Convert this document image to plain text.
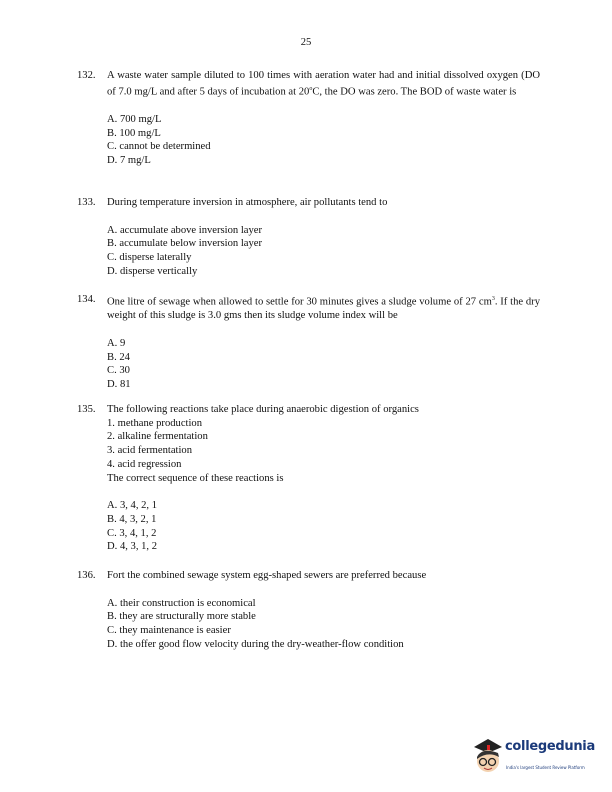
25
132. A waste water sample diluted to 100 times with aeration water had and initial dissolved oxygen (DO of 7.0 mg/L and after 5 days of incubation at 20$^o$C, the DO was zero. The BOD of waste water is
A. 700 mg/L
B. 100 mg/L
C. cannot be determined
D. 7 mg/L
133. During temperature inversion in atmosphere, air pollutants tend to
A. accumulate above inversion layer
B. accumulate below inversion layer
C. disperse laterally
D. disperse vertically
134. One litre of sewage when allowed to settle for 30 minutes gives a sludge volume of 27 $cm^3$. If the dry weight of this sludge is 3.0 gms then its sludge volume index will be
A. 9
B. 24
C. 30
D. 81
135. The following reactions take place during anaerobic digestion of organics
1. methane production
2. alkaline fermentation
3. acid fermentation
4. acid regression
The correct sequence of these reactions is
A. 3, 4, 2, 1
B. 4, 3, 2, 1
C. 3, 4, 1, 2
D. 4, 3, 1, 2
136. Fort the combined sewage system egg-shaped sewers are preferred because
A. their construction is economical
B. they are structurally more stable
C. they maintenance is easier
D. the offer good flow velocity during the dry-weather-flow condition
collegedunia
India's largest Student Review Platform
